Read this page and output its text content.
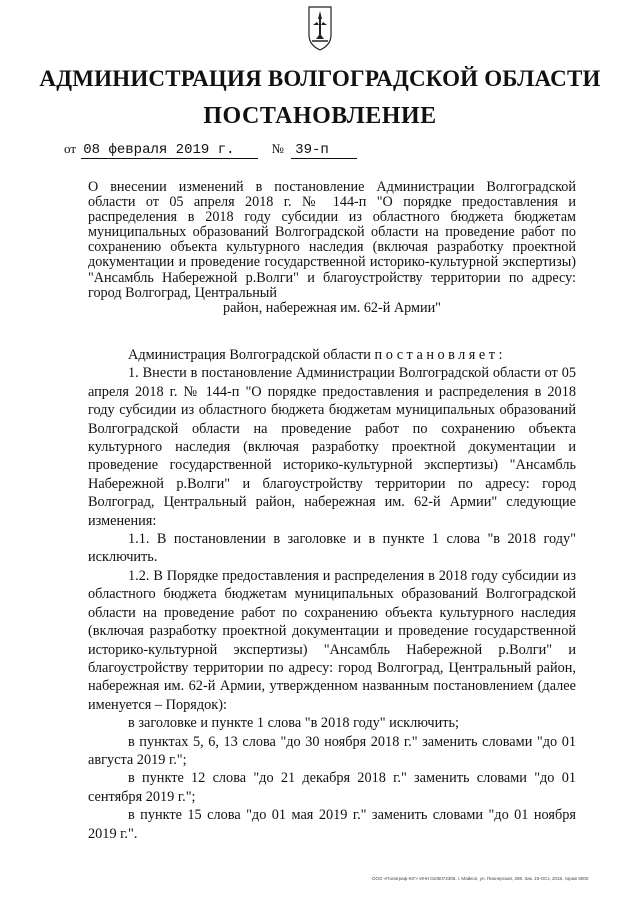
АДМИНИСТРАЦИЯ ВОЛГОГРАДСКОЙ ОБЛАСТИ
ПОСТАНОВЛЕНИЕ
от 08 февраля 2019 г.	№ 39-п
О внесении изменений в постановление Администрации Волгоградской области от 05 апреля 2018 г. № 144-п "О порядке предоставления и распределения в 2018 году субсидии из областного бюджета бюджетам муниципальных образований Волгоградской области на проведение работ по сохранению объекта культурного наследия (включая разработку проектной документации и проведение государственной историко-культурной экспертизы) "Ансамбль Набережной р.Волги" и благоустройству территории по адресу: город Волгоград, Центральный
район, набережная им. 62-й Армии"

Администрация Волгоградской области постановляет:

1. Внести в постановление Администрации Волгоградской области от 05 апреля 2018 г. № 144-п "О порядке предоставления и распределения в 2018 году субсидии из областного бюджета бюджетам муниципальных образований Волгоградской области на проведение работ по сохранению объекта культурного наследия (включая разработку проектной документации и проведение государственной историко-культурной экспертизы) "Ансамбль Набережной р.Волги" и благоустройству территории по адресу: город Волгоград, Центральный район, набережная им. 62-й Армии" следующие изменения:

1.1. В постановлении в заголовке и в пункте 1 слова "в 2018 году" исключить.

1.2. В Порядке предоставления и распределения в 2018 году субсидии из областного бюджета бюджетам муниципальных образований Волгоградской области на проведение работ по сохранению объекта культурного наследия (включая разработку проектной документации и проведение государственной историко-культурной экспертизы) "Ансамбль Набережной р.Волги" и благоустройству территории по адресу: город Волгоград, Центральный район, набережная им. 62-й Армии, утвержденном названным постановлением (далее именуется – Порядок):

в заголовке и пункте 1 слова "в 2018 году" исключить;

в пунктах 5, 6, 13 слова "до 30 ноября 2018 г." заменить словами "до 01 августа 2019 г.";

в пункте 12 слова "до 21 декабря 2018 г." заменить словами "до 01 сентября 2019 г.";

в пункте 15 слова "до 01 мая 2019 г." заменить словами "до 01 ноября 2019 г.".

ООО «Полиграф-ЮГ» ИНН 0105072306, г. Майкоп, ул. Пионерская, 288. Зак. 19-ОСз, 2015, тираж 6000
